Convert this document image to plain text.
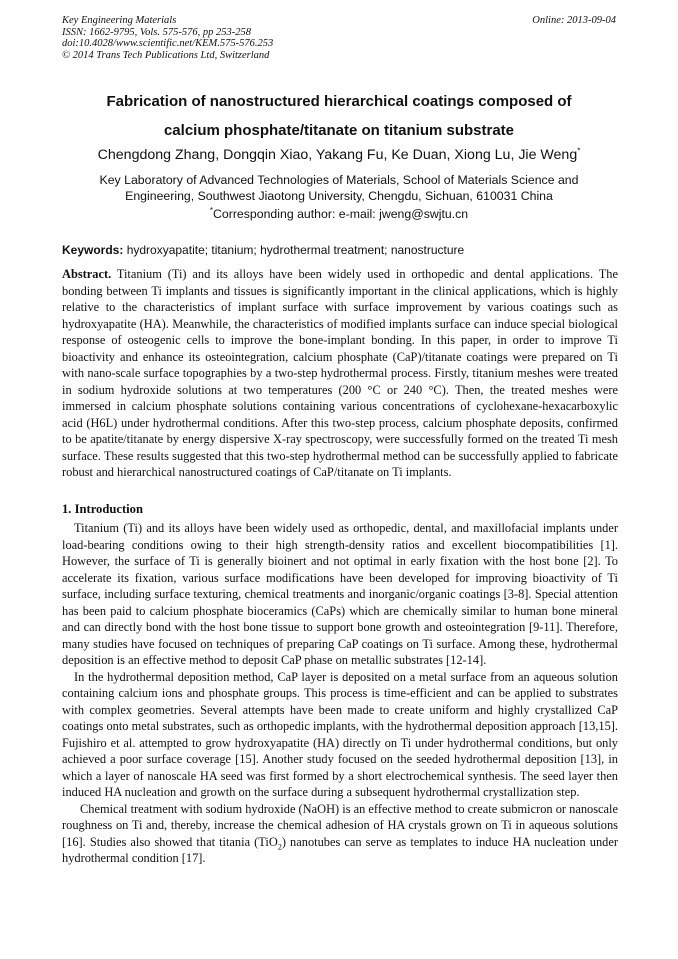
Key Engineering Materials
ISSN: 1662-9795, Vols. 575-576, pp 253-258
doi:10.4028/www.scientific.net/KEM.575-576.253
© 2014 Trans Tech Publications Ltd, Switzerland
Online: 2013-09-04
Fabrication of nanostructured hierarchical coatings composed of
calcium phosphate/titanate on titanium substrate
Chengdong Zhang, Dongqin Xiao, Yakang Fu, Ke Duan, Xiong Lu, Jie Weng*
Key Laboratory of Advanced Technologies of Materials, School of Materials Science and
Engineering, Southwest Jiaotong University, Chengdu, Sichuan, 610031 China
*Corresponding author: e-mail: jweng@swjtu.cn
Keywords: hydroxyapatite; titanium; hydrothermal treatment; nanostructure
Abstract. Titanium (Ti) and its alloys have been widely used in orthopedic and dental applications. The bonding between Ti implants and tissues is significantly important in the clinical applications, which is highly relative to the characteristics of implant surface with surface improvement by various coatings such as hydroxyapatite (HA). Meanwhile, the characteristics of modified implants surface can induce special biological response of osteogenic cells to improve the bone-implant bonding. In this paper, in order to improve Ti bioactivity and enhance its osteointegration, calcium phosphate (CaP)/titanate coatings were prepared on Ti with nano-scale surface topographies by a two-step hydrothermal process. Firstly, titanium meshes were treated in sodium hydroxide solutions at two temperatures (200 °C or 240 °C). Then, the treated meshes were immersed in calcium phosphate solutions containing various concentrations of cyclohexane-hexacarboxylic acid (H6L) under hydrothermal conditions. After this two-step process, calcium phosphate deposits, confirmed to be apatite/titanate by energy dispersive X-ray spectroscopy, were successfully formed on the treated Ti mesh surface. These results suggested that this two-step hydrothermal method can be successfully applied to fabricate robust and hierarchical nanostructured coatings of CaP/titanate on Ti implants.
1. Introduction

Titanium (Ti) and its alloys have been widely used as orthopedic, dental, and maxillofacial implants under load-bearing conditions owing to their high strength-density ratios and excellent biocompatibilities [1]. However, the surface of Ti is generally bioinert and not optimal in early fixation with the host bone [2]. To accelerate its fixation, various surface modifications have been developed for improving bioactivity of Ti surface, including surface texturing, chemical treatments and inorganic/organic coatings [3-8]. Special attention has been paid to calcium phosphate bioceramics (CaPs) which are chemically similar to human bone mineral and can directly bond with the host bone tissue to support bone growth and osteointegration [9-11]. Therefore, many studies have focused on techniques of preparing CaP coatings on Ti surface. Among these, hydrothermal deposition is an effective method to deposit CaP phase on metallic substrates [12-14].

In the hydrothermal deposition method, CaP layer is deposited on a metal surface from an aqueous solution containing calcium ions and phosphate groups. This process is time-efficient and can be applied to substrates with complex geometries. Several attempts have been made to create uniform and highly crystallized CaP coatings onto metal substrates, such as orthopedic implants, with the hydrothermal deposition approach [13,15]. Fujishiro et al. attempted to grow hydroxyapatite (HA) directly on Ti under hydrothermal conditions, but only achieved a poor surface coverage [15]. Another study focused on the seeded hydrothermal deposition [13], in which a layer of nanoscale HA seed was first formed by a short electrochemical synthesis. The seed layer then induced HA nucleation and growth on the surface during a subsequent hydrothermal crystallization step.

Chemical treatment with sodium hydroxide (NaOH) is an effective method to create submicron or nanoscale roughness on Ti and, thereby, increase the chemical adhesion of HA crystals grown on Ti in aqueous solutions [16]. Studies also showed that titania (TiO$_2$) nanotubes can serve as templates to induce HA nucleation under hydrothermal condition [17].
